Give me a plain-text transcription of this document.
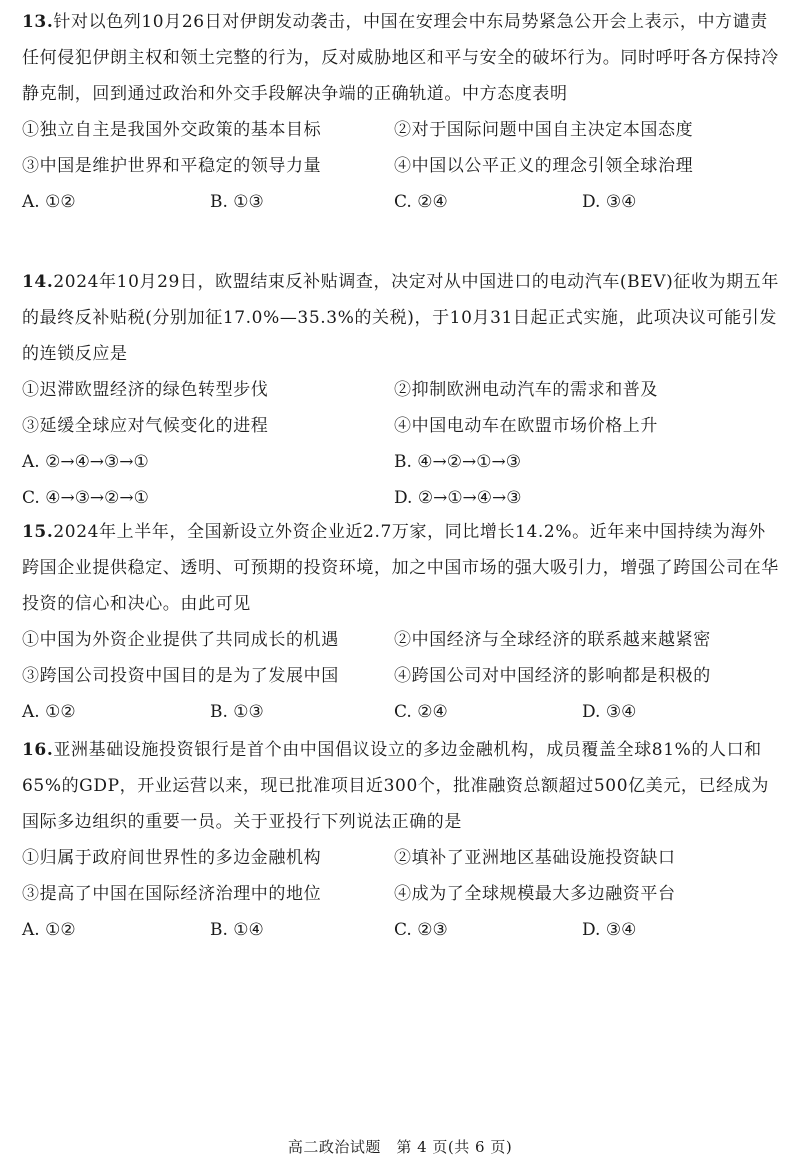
13.针对以色列10月26日对伊朗发动袭击，中国在安理会中东局势紧急公开会上表示，中方谴责任何侵犯伊朗主权和领土完整的行为，反对威胁地区和平与安全的破坏行为。同时呼吁各方保持冷静克制，回到通过政治和外交手段解决争端的正确轨道。中方态度表明

①独立自主是我国外交政策的基本目标	②对于国际问题中国自主决定本国态度
③中国是维护世界和平稳定的领导力量	④中国以公平正义的理念引领全球治理
A. ①②	B. ①③	C. ②④	D. ③④

14.2024年10月29日，欧盟结束反补贴调查，决定对从中国进口的电动汽车(BEV)征收为期五年的最终反补贴税(分别加征17.0%—35.3%的关税)，于10月31日起正式实施，此项决议可能引发的连锁反应是

①迟滞欧盟经济的绿色转型步伐	②抑制欧洲电动汽车的需求和普及
③延缓全球应对气候变化的进程	④中国电动车在欧盟市场价格上升
A. ②→④→③→①	B. ④→②→①→③
C. ④→③→②→①	D. ②→①→④→③

15.2024年上半年，全国新设立外资企业近2.7万家，同比增长14.2%。近年来中国持续为海外跨国企业提供稳定、透明、可预期的投资环境，加之中国市场的强大吸引力，增强了跨国公司在华投资的信心和决心。由此可见

①中国为外资企业提供了共同成长的机遇	②中国经济与全球经济的联系越来越紧密
③跨国公司投资中国目的是为了发展中国	④跨国公司对中国经济的影响都是积极的
A. ①②	B. ①③	C. ②④	D. ③④

16.亚洲基础设施投资银行是首个由中国倡议设立的多边金融机构，成员覆盖全球81%的人口和65%的GDP，开业运营以来，现已批准项目近300个，批准融资总额超过500亿美元，已经成为国际多边组织的重要一员。关于亚投行下列说法正确的是

①归属于政府间世界性的多边金融机构	②填补了亚洲地区基础设施投资缺口
③提高了中国在国际经济治理中的地位	④成为了全球规模最大多边融资平台
A. ①②	B. ①④	C. ②③	D. ③④
高二政治试题　第 4 页(共 6 页)
